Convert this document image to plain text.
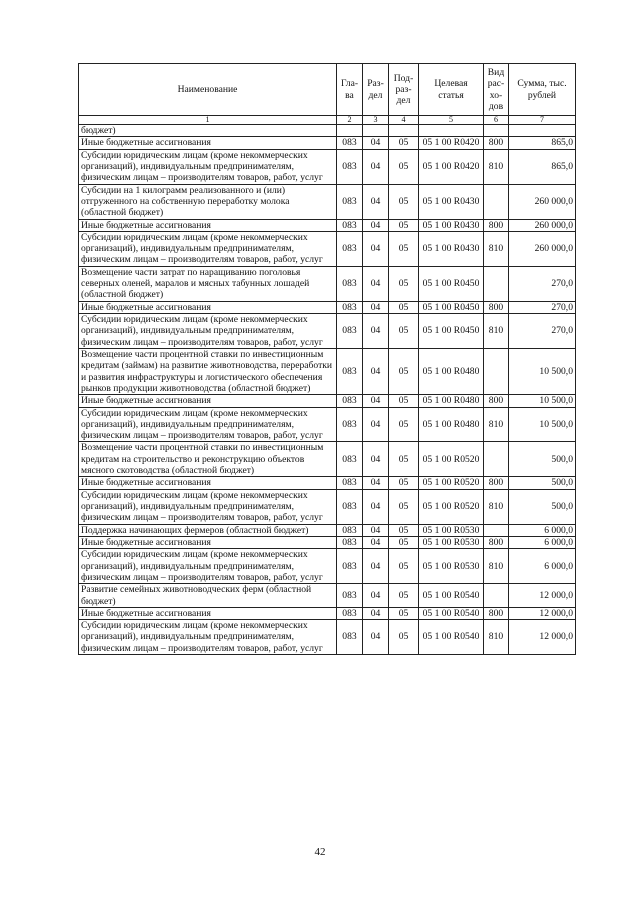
Наименование	Гла-ва	Раз-дел	Под-раз-дел	Целевая статья	Вид рас-хо-дов	Сумма, тыс. рублей
1	2	3	4	5	6	7
бюджет)						
Иные бюджетные ассигнования	083	04	05	05 1 00 R0420	800	865,0
Субсидии юридическим лицам (кроме некоммерческих организаций), индивидуальным предпринимателям, физическим лицам – производителям товаров, работ, услуг	083	04	05	05 1 00 R0420	810	865,0
Субсидии на 1 килограмм реализованного и (или) отгруженного на собственную переработку молока (областной бюджет)	083	04	05	05 1 00 R0430		260 000,0
Иные бюджетные ассигнования	083	04	05	05 1 00 R0430	800	260 000,0
Субсидии юридическим лицам (кроме некоммерческих организаций), индивидуальным предпринимателям, физическим лицам – производителям товаров, работ, услуг	083	04	05	05 1 00 R0430	810	260 000,0
Возмещение части затрат по наращиванию поголовья северных оленей, маралов и мясных табунных лошадей (областной бюджет)	083	04	05	05 1 00 R0450		270,0
Иные бюджетные ассигнования	083	04	05	05 1 00 R0450	800	270,0
Субсидии юридическим лицам (кроме некоммерческих организаций), индивидуальным предпринимателям, физическим лицам – производителям товаров, работ, услуг	083	04	05	05 1 00 R0450	810	270,0
Возмещение части процентной ставки по инвестиционным кредитам (займам) на развитие животноводства, переработки и развития инфраструктуры и логистического обеспечения рынков продукции животноводства (областной бюджет)	083	04	05	05 1 00 R0480		10 500,0
Иные бюджетные ассигнования	083	04	05	05 1 00 R0480	800	10 500,0
Субсидии юридическим лицам (кроме некоммерческих организаций), индивидуальным предпринимателям, физическим лицам – производителям товаров, работ, услуг	083	04	05	05 1 00 R0480	810	10 500,0
Возмещение части процентной ставки по инвестиционным кредитам на строительство и реконструкцию объектов мясного скотоводства (областной бюджет)	083	04	05	05 1 00 R0520		500,0
Иные бюджетные ассигнования	083	04	05	05 1 00 R0520	800	500,0
Субсидии юридическим лицам (кроме некоммерческих организаций), индивидуальным предпринимателям, физическим лицам – производителям товаров, работ, услуг	083	04	05	05 1 00 R0520	810	500,0
Поддержка начинающих фермеров (областной бюджет)	083	04	05	05 1 00 R0530		6 000,0
Иные бюджетные ассигнования	083	04	05	05 1 00 R0530	800	6 000,0
Субсидии юридическим лицам (кроме некоммерческих организаций), индивидуальным предпринимателям, физическим лицам – производителям товаров, работ, услуг	083	04	05	05 1 00 R0530	810	6 000,0
Развитие семейных животноводческих ферм (областной бюджет)	083	04	05	05 1 00 R0540		12 000,0
Иные бюджетные ассигнования	083	04	05	05 1 00 R0540	800	12 000,0
Субсидии юридическим лицам (кроме некоммерческих организаций), индивидуальным предпринимателям, физическим лицам – производителям товаров, работ, услуг	083	04	05	05 1 00 R0540	810	12 000,0
42
